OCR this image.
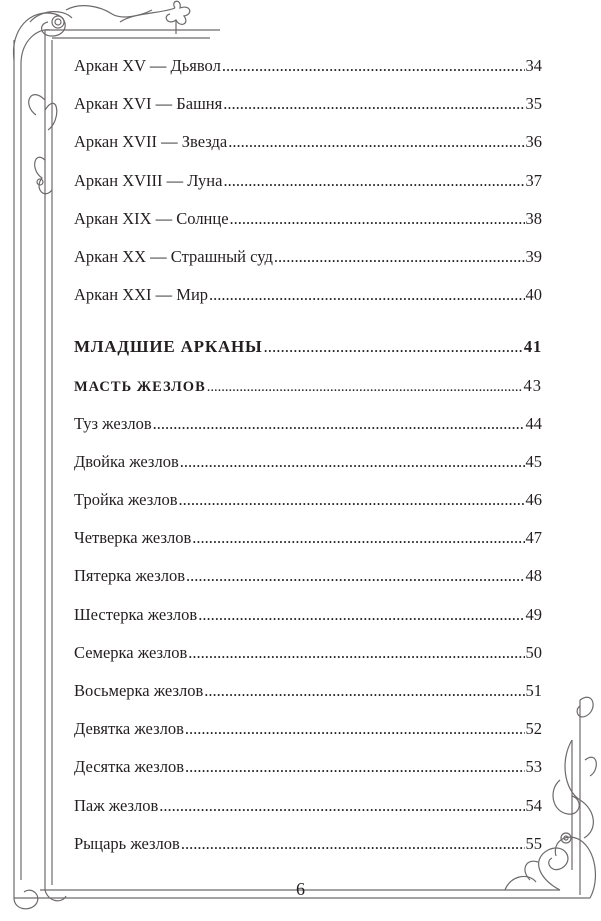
Аркан XV — Дьявол .....	34
Аркан XVI — Башня .....	35
Аркан XVII — Звезда .....	36
Аркан XVIII — Луна .....	37
Аркан XIX — Солнце .....	38
Аркан XX — Страшный суд .....	39
Аркан XXI — Мир .....	40
МЛАДШИЕ АРКАНЫ .....	41
МАСТЬ ЖЕЗЛОВ .....	43
Туз жезлов .....	44
Двойка жезлов .....	45
Тройка жезлов .....	46
Четверка жезлов .....	47
Пятерка жезлов .....	48
Шестерка жезлов .....	49
Семерка жезлов .....	50
Восьмерка жезлов .....	51
Девятка жезлов .....	52
Десятка жезлов .....	53
Паж жезлов .....	54
Рыцарь жезлов .....	55
6
